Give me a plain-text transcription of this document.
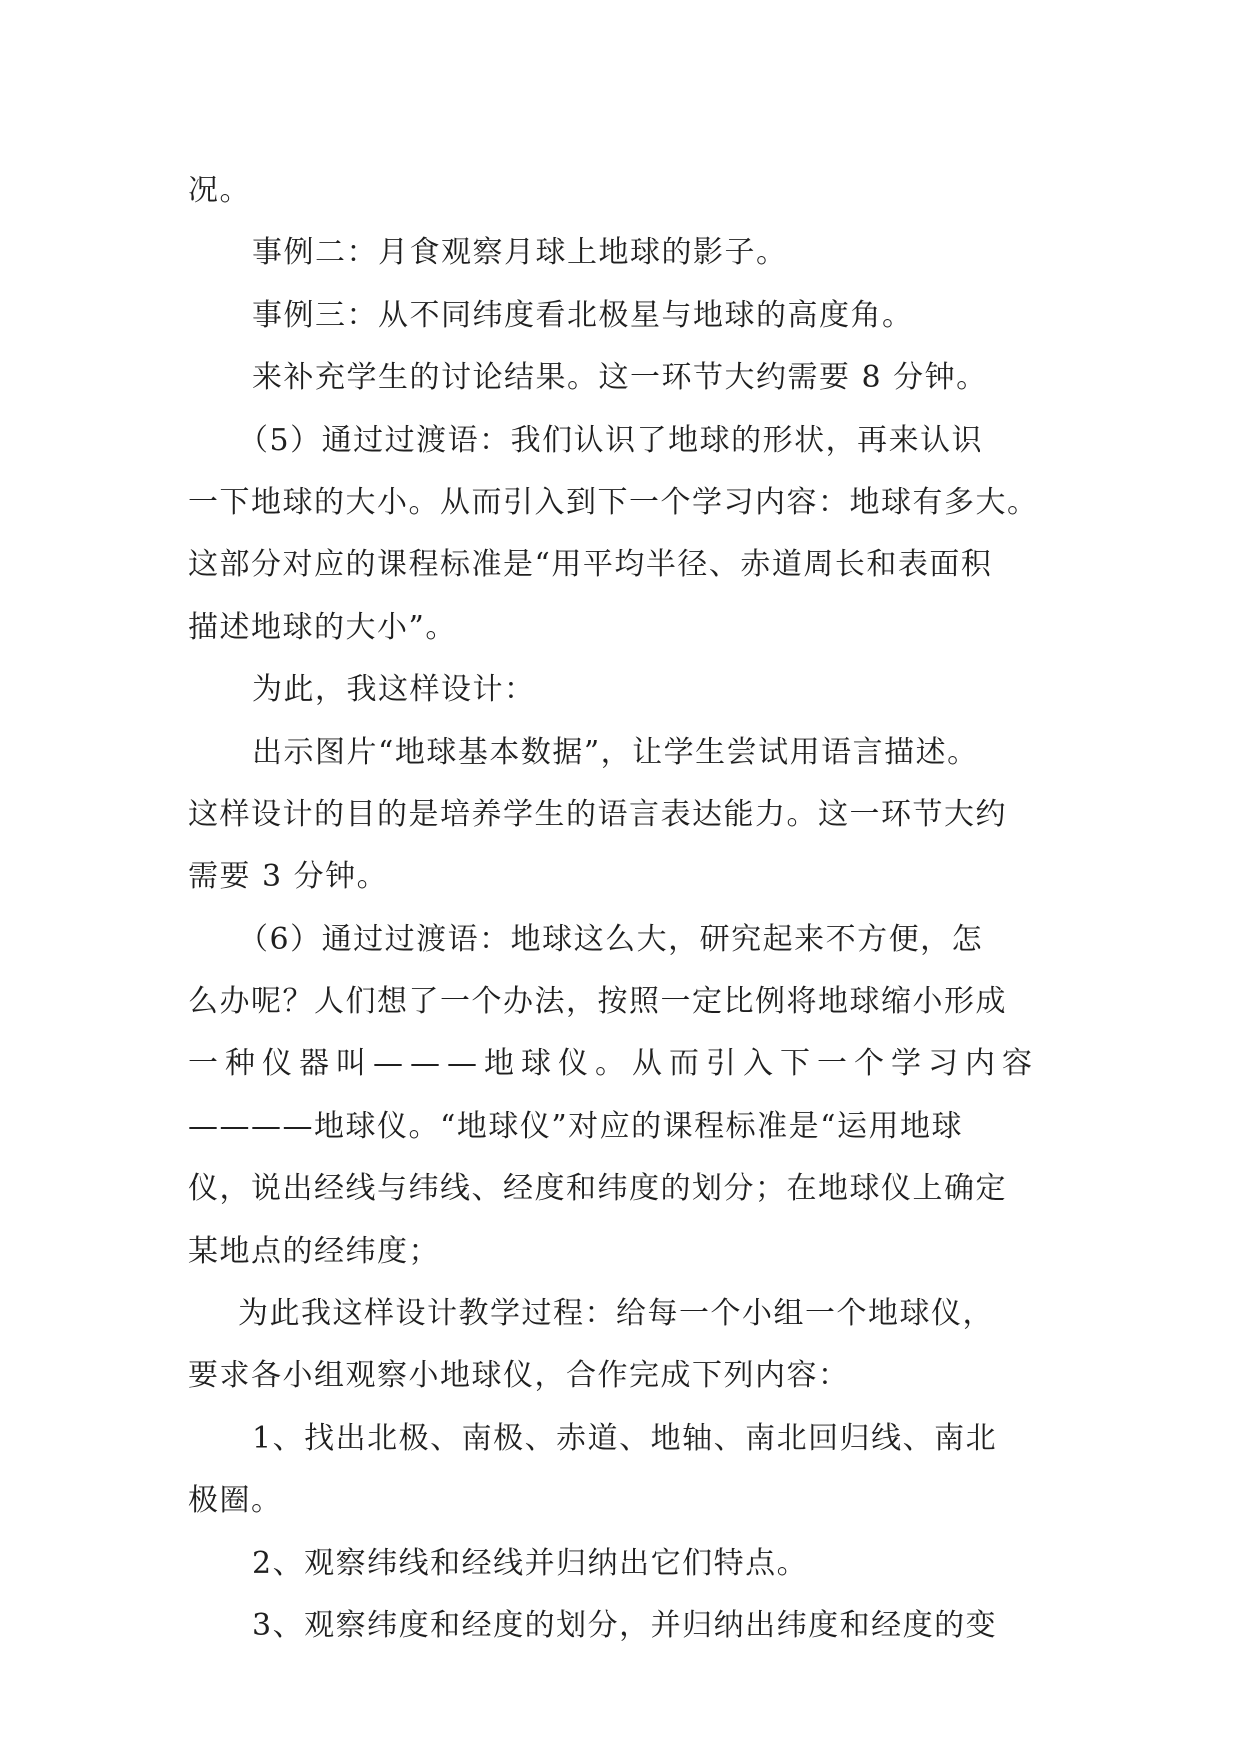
况。
事例二：月食观察月球上地球的影子。
事例三：从不同纬度看北极星与地球的高度角。
来补充学生的讨论结果。这一环节大约需要 8 分钟。
（5）通过过渡语：我们认识了地球的形状，再来认识
一下地球的大小。从而引入到下一个学习内容：地球有多大。
这部分对应的课程标准是“用平均半径、赤道周长和表面积
描述地球的大小”。
为此，我这样设计：
出示图片“地球基本数据”，让学生尝试用语言描述。
这样设计的目的是培养学生的语言表达能力。这一环节大约
需要 3 分钟。
（6）通过过渡语：地球这么大，研究起来不方便，怎
么办呢？人们想了一个办法，按照一定比例将地球缩小形成
一种仪器叫———地球仪。从而引入下一个学习内容
————地球仪。“地球仪”对应的课程标准是“运用地球
仪，说出经线与纬线、经度和纬度的划分；在地球仪上确定
某地点的经纬度；
为此我这样设计教学过程：给每一个小组一个地球仪，
要求各小组观察小地球仪，合作完成下列内容：
1、找出北极、南极、赤道、地轴、南北回归线、南北
极圈。
2、观察纬线和经线并归纳出它们特点。
3、观察纬度和经度的划分，并归纳出纬度和经度的变
